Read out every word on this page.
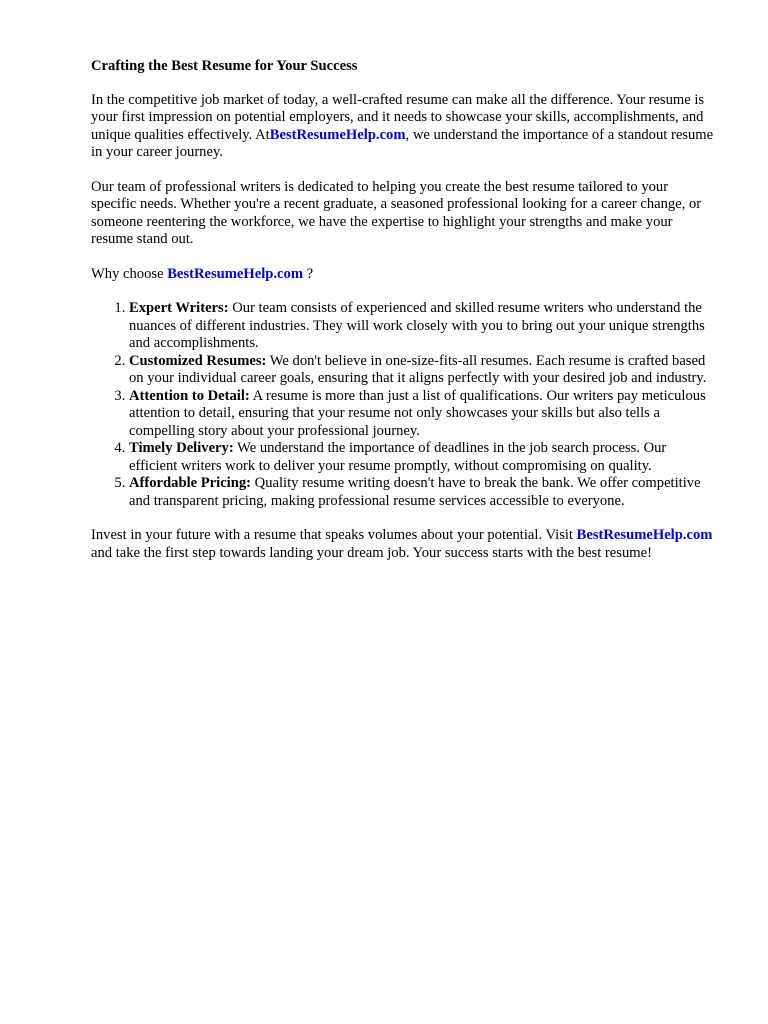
Crafting the Best Resume for Your Success

In the competitive job market of today, a well-crafted resume can make all the difference. Your resume is your first impression on potential employers, and it needs to showcase your skills, accomplishments, and unique qualities effectively. AtBestResumeHelp.com, we understand the importance of a standout resume in your career journey.

Our team of professional writers is dedicated to helping you create the best resume tailored to your specific needs. Whether you're a recent graduate, a seasoned professional looking for a career change, or someone reentering the workforce, we have the expertise to highlight your strengths and make your resume stand out.

Why choose BestResumeHelp.com ?

1. Expert Writers: Our team consists of experienced and skilled resume writers who understand the nuances of different industries. They will work closely with you to bring out your unique strengths and accomplishments.
2. Customized Resumes: We don't believe in one-size-fits-all resumes. Each resume is crafted based on your individual career goals, ensuring that it aligns perfectly with your desired job and industry.
3. Attention to Detail: A resume is more than just a list of qualifications. Our writers pay meticulous attention to detail, ensuring that your resume not only showcases your skills but also tells a compelling story about your professional journey.
4. Timely Delivery: We understand the importance of deadlines in the job search process. Our efficient writers work to deliver your resume promptly, without compromising on quality.
5. Affordable Pricing: Quality resume writing doesn't have to break the bank. We offer competitive and transparent pricing, making professional resume services accessible to everyone.

Invest in your future with a resume that speaks volumes about your potential. Visit BestResumeHelp.com and take the first step towards landing your dream job. Your success starts with the best resume!
